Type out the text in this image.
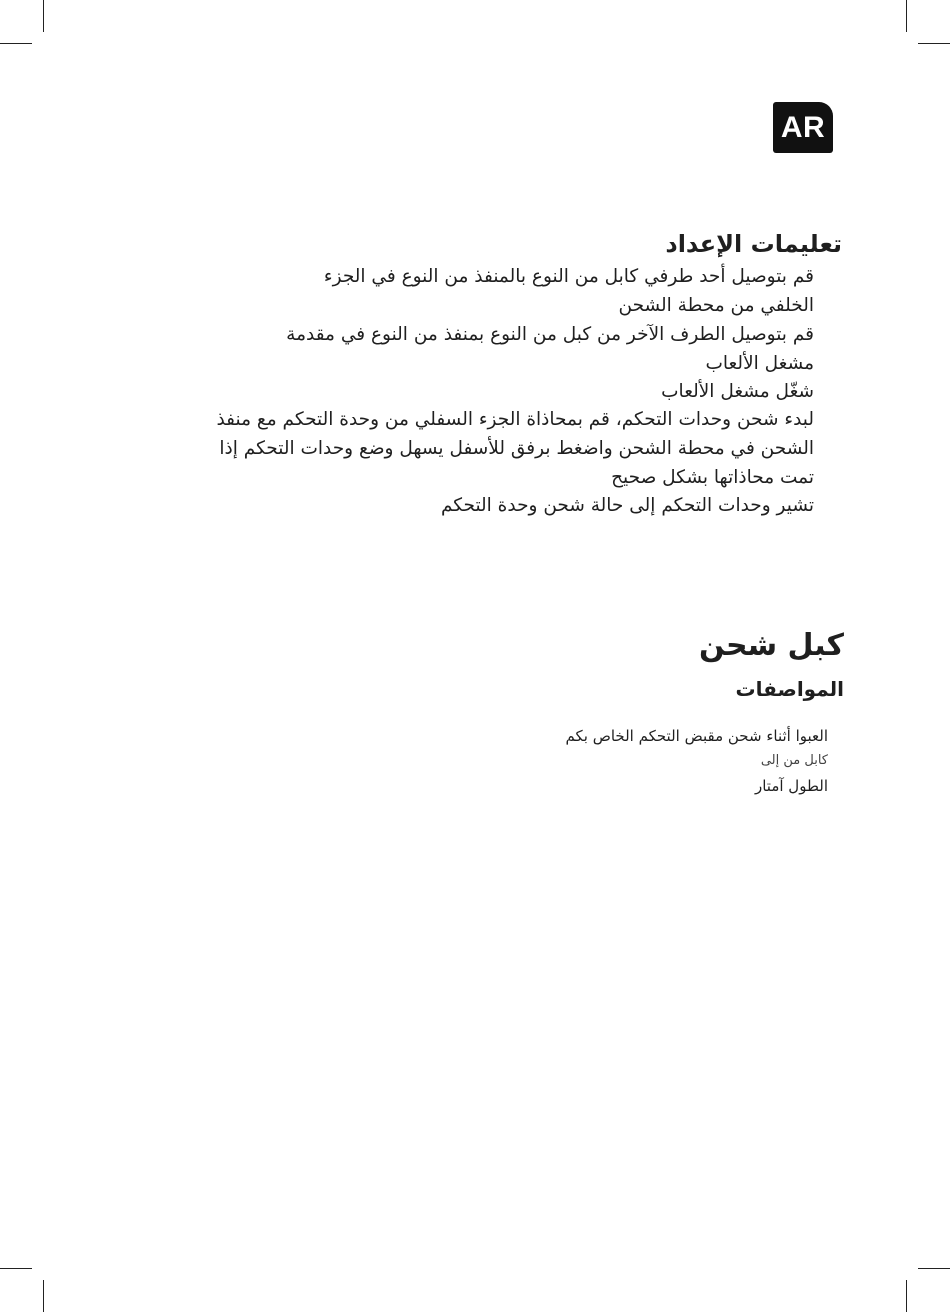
AR
تعليمات الإعداد
قم بتوصيل أحد طرفي كابل من النوع بالمنفذ من النوع في الجزء
الخلفي من محطة الشحن
قم بتوصيل الطرف الآخر من كبل من النوع بمنفذ من النوع في مقدمة
مشغل الألعاب
شغّل مشغل الألعاب
لبدء شحن وحدات التحكم، قم بمحاذاة الجزء السفلي من وحدة التحكم مع منفذ
الشحن في محطة الشحن واضغط برفق للأسفل يسهل وضع وحدات التحكم إذا
تمت محاذاتها بشكل صحيح
تشير وحدات التحكم إلى حالة شحن وحدة التحكم
كبل شحن
المواصفات
العبوا أثناء شحن مقبض التحكم الخاص بكم
كابل من إلى
الطول آمتار
